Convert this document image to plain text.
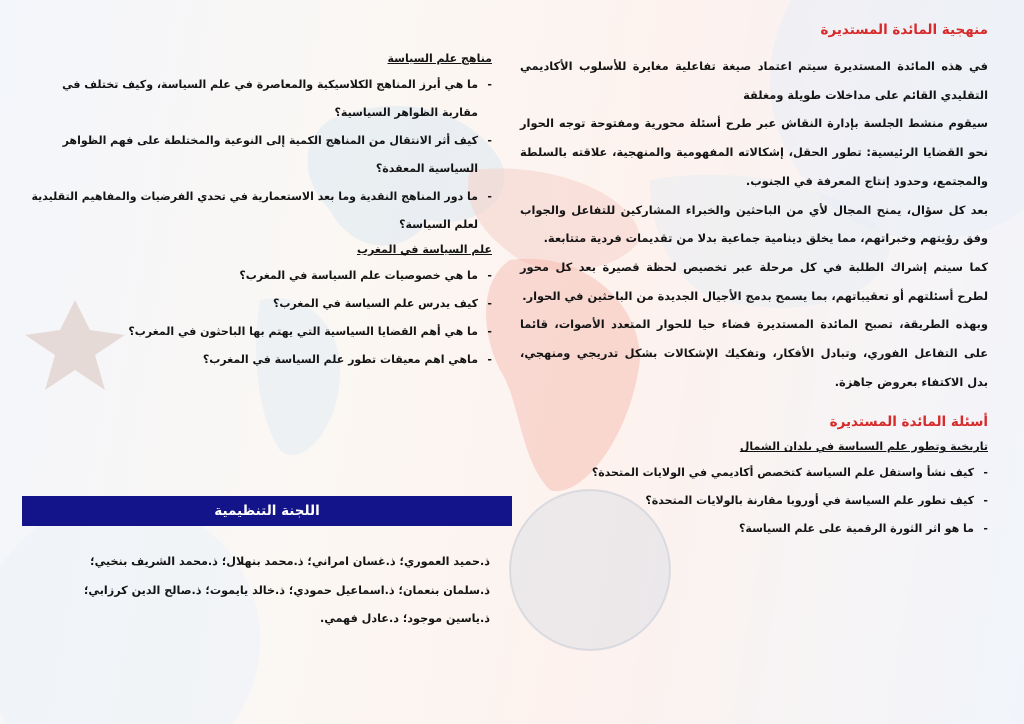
منهجية المائدة المستديرة

في هذه المائدة المستديرة سيتم اعتماد صيغة تفاعلية مغايرة للأسلوب الأكاديمي التقليدي القائم على مداخلات طويلة ومغلقة

سيقوم منشط الجلسة بإدارة النقاش عبر طرح أسئلة محورية ومفتوحة توجه الحوار نحو القضايا الرئيسية: تطور الحقل، إشكالاته المفهومية والمنهجية، علاقته بالسلطة والمجتمع، وحدود إنتاج المعرفة في الجنوب.

بعد كل سؤال، يمنح المجال لأي من الباحثين والخبراء المشاركين للتفاعل والجواب وفق رؤيتهم وخبراتهم، مما يخلق دينامية جماعية بدلا من تقديمات فردية متتابعة.

كما سيتم إشراك الطلبة في كل مرحلة عبر تخصيص لحظة قصيرة بعد كل محور لطرح أسئلتهم أو تعقيباتهم، بما يسمح بدمج الأجيال الجديدة من الباحثين في الحوار.

وبهذه الطريقة، تصبح المائدة المستديرة فضاء حيا للحوار المتعدد الأصوات، قائما على التفاعل الفوري، وتبادل الأفكار، وتفكيك الإشكالات بشكل تدريجي ومنهجي، بدل الاكتفاء بعروض جاهزة.

أسئلة المائدة المستديرة

تاريخية وتطور علم السياسة في بلدان الشمال

- كيف نشأ واستقل علم السياسة كتخصص أكاديمي في الولايات المتحدة؟
- كيف تطور علم السياسة في أوروبا مقارنة بالولايات المتحدة؟
- ما هو اثر الثورة الرقمية على علم السياسة؟

مناهج علم السياسة

- ما هي أبرز المناهج الكلاسيكية والمعاصرة في علم السياسة، وكيف تختلف في مقاربة الظواهر السياسية؟
- كيف أثر الانتقال من المناهج الكمية إلى النوعية والمختلطة على فهم الظواهر السياسية المعقدة؟
- ما دور المناهج النقدية وما بعد الاستعمارية في تحدي الفرضيات والمفاهيم التقليدية لعلم السياسة؟

علم السياسة في المغرب

- ما هي خصوصيات علم السياسة في المغرب؟
- كيف يدرس علم السياسة في المغرب؟
- ما هي أهم القضايا السياسية التي يهتم بها الباحثون في المغرب؟
- ماهي اهم معيقات تطور علم السياسة في المغرب؟
اللجنة التنظيمية

ذ.حميد العموري؛ ذ.غسان امراني؛ ذ.محمد بنهلال؛ ذ.محمد الشريف بنخيي؛

ذ.سلمان بنعمان؛ ذ.اسماعيل حمودي؛ ذ.خالد يايموت؛ ذ.صالح الدين كرزابي؛

ذ.ياسين موجود؛ د.عادل فهمي.
